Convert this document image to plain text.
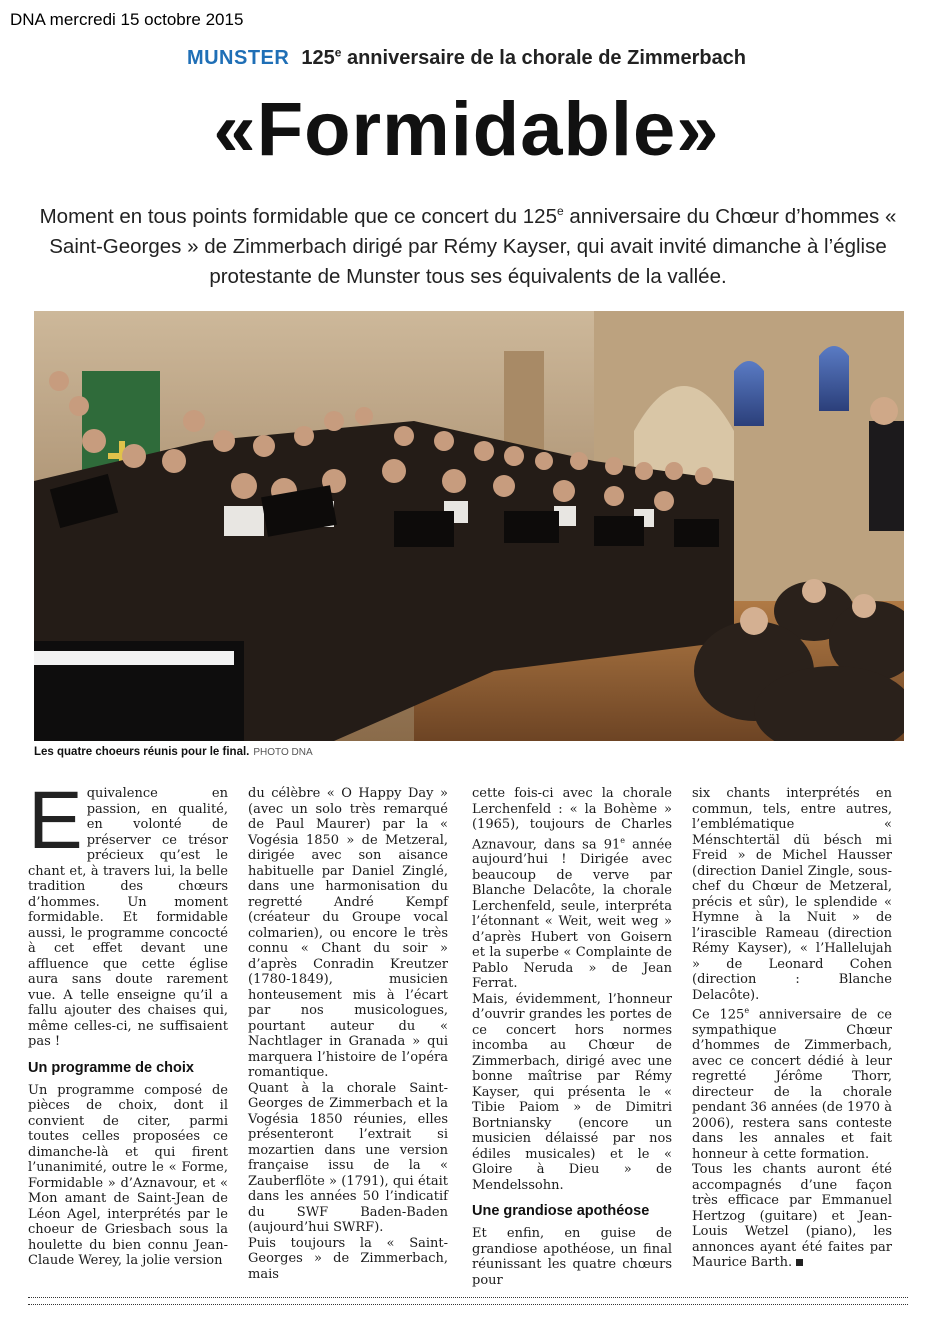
DNA mercredi 15 octobre 2015
MUNSTER 125e anniversaire de la chorale de Zimmerbach
«Formidable»
Moment en tous points formidable que ce concert du 125e anniversaire du Chœur d’hommes « Saint-Georges » de Zimmerbach dirigé par Rémy Kayser, qui avait invité dimanche à l’église protestante de Munster tous ses équivalents de la vallée.
Les quatre choeurs réunis pour le final. PHOTO DNA

Equivalence en passion, en qualité, en volonté de préserver ce trésor précieux qu’est le chant et, à travers lui, la belle tradition des chœurs d’hommes. Un moment formidable. Et formidable aussi, le programme concocté à cet effet devant une affluence que cette église aura sans doute rarement vue. A telle enseigne qu’il a fallu ajouter des chaises qui, même celles-ci, ne suffisaient pas !

Un programme de choix

Un programme composé de pièces de choix, dont il convient de citer, parmi toutes celles proposées ce dimanche-là et qui firent l’unanimité, outre le « Forme, Formidable » d’Aznavour, et « Mon amant de Saint-Jean de Léon Agel, interprétés par le choeur de Griesbach sous la houlette du bien connu Jean-Claude Werey, la jolie version

du célèbre « O Happy Day » (avec un solo très remarqué de Paul Maurer) par la « Vogésia 1850 » de Metzeral, dirigée avec son aisance habituelle par Daniel Zinglé, dans une harmonisation du regretté André Kempf (créateur du Groupe vocal colmarien), ou encore le très connu « Chant du soir » d’après Conradin Kreutzer (1780-1849), musicien honteusement mis à l’écart par nos musicologues, pourtant auteur du « Nachtlager in Granada » qui marquera l’histoire de l’opéra romantique.

Quant à la chorale Saint-Georges de Zimmerbach et la Vogésia 1850 réunies, elles présenteront l’extrait si mozartien dans une version française issu de la « Zauberflöte » (1791), qui était dans les années 50 l’indicatif du SWF Baden-Baden (aujourd’hui SWRF).

Puis toujours la « Saint-Georges » de Zimmerbach, mais

cette fois-ci avec la chorale Lerchenfeld : « la Bohème » (1965), toujours de Charles Aznavour, dans sa 91e année aujourd’hui ! Dirigée avec beaucoup de verve par Blanche Delacôte, la chorale Lerchenfeld, seule, interpréta l’étonnant « Weit, weit weg » d’après Hubert von Goisern et la superbe « Complainte de Pablo Neruda » de Jean Ferrat.

Mais, évidemment, l’honneur d’ouvrir grandes les portes de ce concert hors normes incomba au Chœur de Zimmerbach, dirigé avec une bonne maîtrise par Rémy Kayser, qui présenta le « Tibie Paiom » de Dimitri Bortniansky (encore un musicien délaissé par nos édiles musicales) et le « Gloire à Dieu » de Mendelssohn.

Une grandiose apothéose

Et enfin, en guise de grandiose apothéose, un final réunissant les quatre chœurs pour

six chants interprétés en commun, tels, entre autres, l’emblématique « Ménschtertäl dü bésch mi Freid » de Michel Hausser (direction Daniel Zingle, sous-chef du Chœur de Metzeral, précis et sûr), le splendide « Hymne à la Nuit » de l’irascible Rameau (direction Rémy Kayser), « l’Hallelujah » de Leonard Cohen (direction : Blanche Delacôte).

Ce 125e anniversaire de ce sympathique Chœur d’hommes de Zimmerbach, avec ce concert dédié à leur regretté Jérôme Thorr, directeur de la chorale pendant 36 années (de 1970 à 2006), restera sans conteste dans les annales et fait honneur à cette formation.

Tous les chants auront été accompagnés d’une façon très efficace par Emmanuel Hertzog (guitare) et Jean-Louis Wetzel (piano), les annonces ayant été faites par Maurice Barth.
